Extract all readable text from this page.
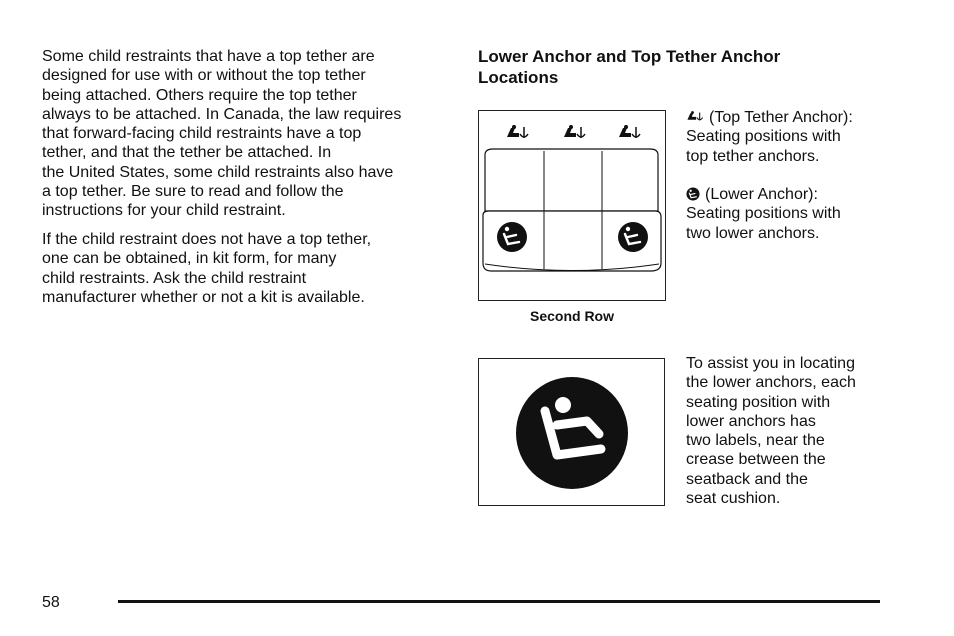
Some child restraints that have a top tether are
designed for use with or without the top tether
being attached. Others require the top tether
always to be attached. In Canada, the law requires
that forward-facing child restraints have a top
tether, and that the tether be attached. In
the United States, some child restraints also have
a top tether. Be sure to read and follow the
instructions for your child restraint.
If the child restraint does not have a top tether,
one can be obtained, in kit form, for many
child restraints. Ask the child restraint
manufacturer whether or not a kit is available.
Lower Anchor and Top Tether Anchor
Locations
Second Row
(Top Tether Anchor):
Seating positions with
top tether anchors.
(Lower Anchor):
Seating positions with
two lower anchors.
To assist you in locating
the lower anchors, each
seating position with
lower anchors has
two labels, near the
crease between the
seatback and the
seat cushion.
58
